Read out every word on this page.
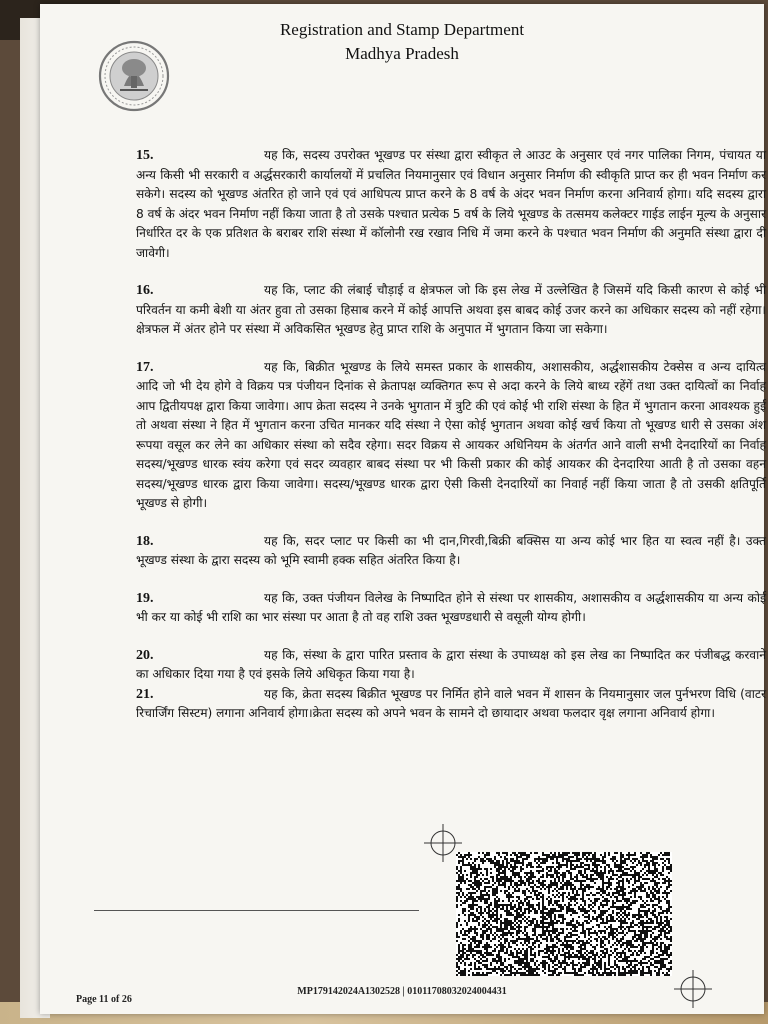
Registration and Stamp Department
Madhya Pradesh

15.	यह कि, सदस्य उपरोक्त भूखण्ड पर संस्था द्वारा स्वीकृत ले आउट के अनुसार एवं नगर पालिका निगम, पंचायत या अन्य किसी भी सरकारी व अर्द्धसरकारी कार्यालयों में प्रचलित नियमानुसार एवं विधान अनुसार निर्माण की स्वीकृति प्राप्त कर ही भवन निर्माण कर सकेगे। सदस्य को भूखण्ड अंतरित हो जाने एवं एवं आधिपत्य प्राप्त करने के 8 वर्ष के अंदर भवन निर्माण करना अनिवार्य होगा। यदि सदस्य द्वारा 8 वर्ष के अंदर भवन निर्माण नहीं किया जाता है तो उसके पश्चात प्रत्येक 5 वर्ष के लिये भूखण्ड के तत्समय कलेक्टर गाईड लाईन मूल्य के अनुसार निर्धारित दर के एक प्रतिशत के बराबर राशि संस्था में कॉलोनी रख रखाव निधि में जमा करने के पश्चात भवन निर्माण की अनुमति संस्था द्वारा दी जावेगी।

16.	यह कि, प्लाट की लंबाई चौड़ाई व क्षेत्रफल जो कि इस लेख में उल्लेखित है जिसमें यदि किसी कारण से कोई भी परिवर्तन या कमी बेशी या अंतर हुवा तो उसका हिसाब करने में कोई आपत्ति अथवा इस बाबद कोई उजर करने का अधिकार सदस्य को नहीं रहेगा। क्षेत्रफल में अंतर होने पर संस्था में अविकसित भूखण्ड हेतु प्राप्त राशि के अनुपात में भुगतान किया जा सकेगा।

17.	यह कि, बिक्रीत भूखण्ड के लिये समस्त प्रकार के शासकीय, अशासकीय, अर्द्धशासकीय टेक्सेस व अन्य दायित्व आदि जो भी देय होगे वे विक्रय पत्र पंजीयन दिनांक से क्रेतापक्ष व्यक्तिगत रूप से अदा करने के लिये बाध्य रहेंगें तथा उक्त दायित्वों का निर्वाह आप द्वितीयपक्ष द्वारा किया जावेगा। आप क्रेता सदस्य ने उनके भुगतान में त्रुटि की एवं कोई भी राशि संस्था के हित में भुगतान करना आवश्यक हुई तो अथवा संस्था ने हित में भुगतान करना उचित मानकर यदि संस्था ने ऐसा कोई भुगतान अथवा कोई खर्च किया तो भूखण्ड धारी से उसका अंश रूपया वसूल कर लेने का अधिकार संस्था को सदैव रहेगा। सदर विक्रय से आयकर अधिनियम के अंतर्गत आने वाली सभी देनदारियों का निर्वाह सदस्य/भूखण्ड धारक स्वंय करेगा एवं सदर व्यवहार बाबद संस्था पर भी किसी प्रकार की कोई आयकर की देनदारिया आती है तो उसका वहन सदस्य/भूखण्ड धारक द्वारा किया जावेगा। सदस्य/भूखण्ड धारक द्वारा ऐसी किसी देनदारियों का निवार्ह नहीं किया जाता है तो उसकी क्षतिपूर्ति भूखण्ड से होगी।

18.	यह कि, सदर प्लाट पर किसी का भी दान,गिरवी,बिक्री बक्सिस या अन्य कोई भार हित या स्वत्व नहीं है। उक्त भूखण्ड संस्था के द्वारा सदस्य को भूमि स्वामी हक्क सहित अंतरित किया है।

19.	यह कि, उक्त पंजीयन विलेख के निष्पादित होने से संस्था पर शासकीय, अशासकीय व अर्द्धशासकीय या अन्य कोई भी कर या कोई भी राशि का भार संस्था पर आता है तो वह राशि उक्त भूखण्डधारी से वसूली योग्य होगी।

20.	यह कि, संस्था के द्वारा पारित प्रस्ताव के द्वारा संस्था के उपाध्यक्ष को इस लेख का निष्पादित कर पंजीबद्ध करवाने का अधिकार दिया गया है एवं इसके लिये अधिकृत किया गया है।

21.	यह कि, क्रेता सदस्य बिक्रीत भूखण्ड पर निर्मित होने वाले भवन में शासन के नियमानुसार जल पुर्नभरण विधि (वाटर रिचार्जिंग सिस्टम) लगाना अनिवार्य होगा।क्रेता सदस्य को अपने भवन के सामने दो छायादार अथवा फलदार वृक्ष लगाना अनिवार्य होगा।

MP179142024A1302528 | 01011708032024004431
Page 11 of 26
